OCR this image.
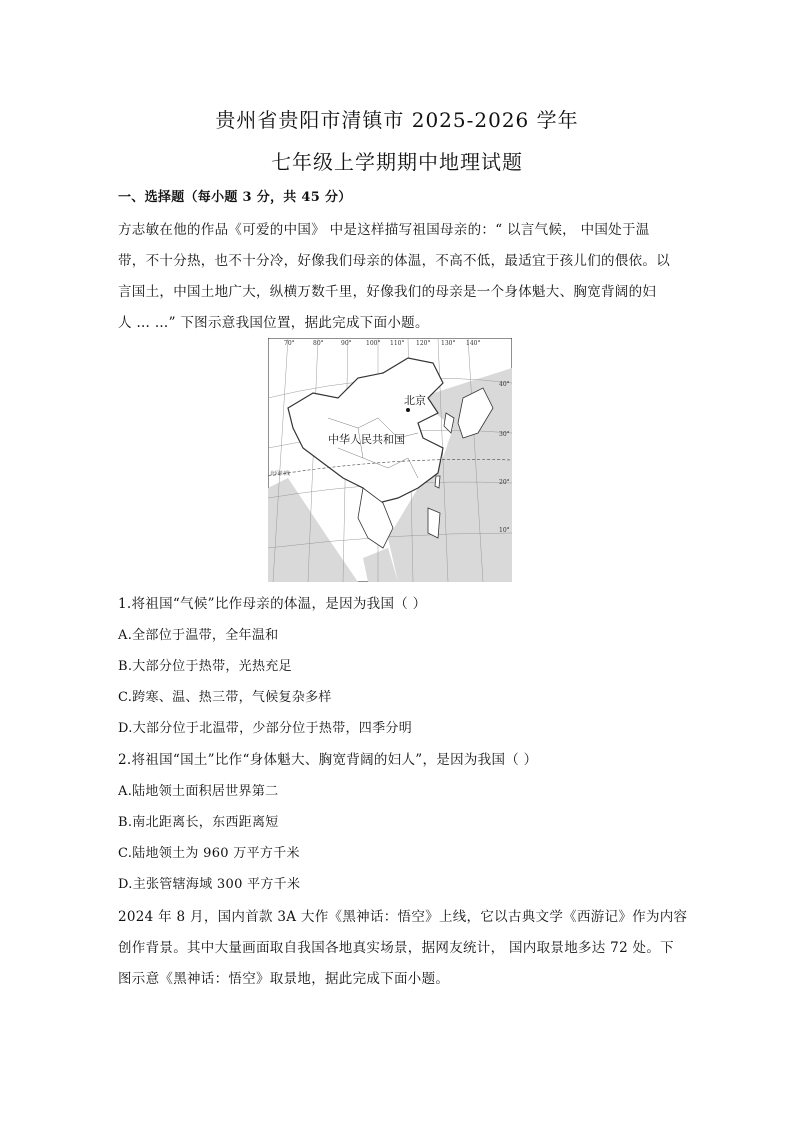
贵州省贵阳市清镇市 2025-2026 学年
七年级上学期期中地理试题
一、选择题（每小题 3 分，共 45 分）
方志敏在他的作品《可爱的中国》 中是这样描写祖国母亲的：“ 以言气候， 中国处于温
带，不十分热，也不十分冷，好像我们母亲的体温，不高不低，最适宜于孩儿们的偎依。以
言国土，中国土地广大，纵横万数千里，好像我们的母亲是一个身体魁大、胸宽背阔的妇
人 … …” 下图示意我国位置，据此完成下面小题。
70°	80°	90° 100° 110° 120° 130° 140°
40°
30°
20°
10°
北京
中华人民共和国
北回归线
1.将祖国“气候”比作母亲的体温，是因为我国（ ）
A.全部位于温带，全年温和
B.大部分位于热带，光热充足
C.跨寒、温、热三带，气候复杂多样
D.大部分位于北温带，少部分位于热带，四季分明
2.将祖国“国土”比作“身体魁大、胸宽背阔的妇人”，是因为我国（ ）
A.陆地领土面积居世界第二
B.南北距离长，东西距离短
C.陆地领土为 960 万平方千米
D.主张管辖海域 300 平方千米
2024 年 8 月，国内首款 3A 大作《黑神话：悟空》上线，它以古典文学《西游记》作为内容
创作背景。其中大量画面取自我国各地真实场景，据网友统计， 国内取景地多达 72 处。下
图示意《黑神话：悟空》取景地，据此完成下面小题。
